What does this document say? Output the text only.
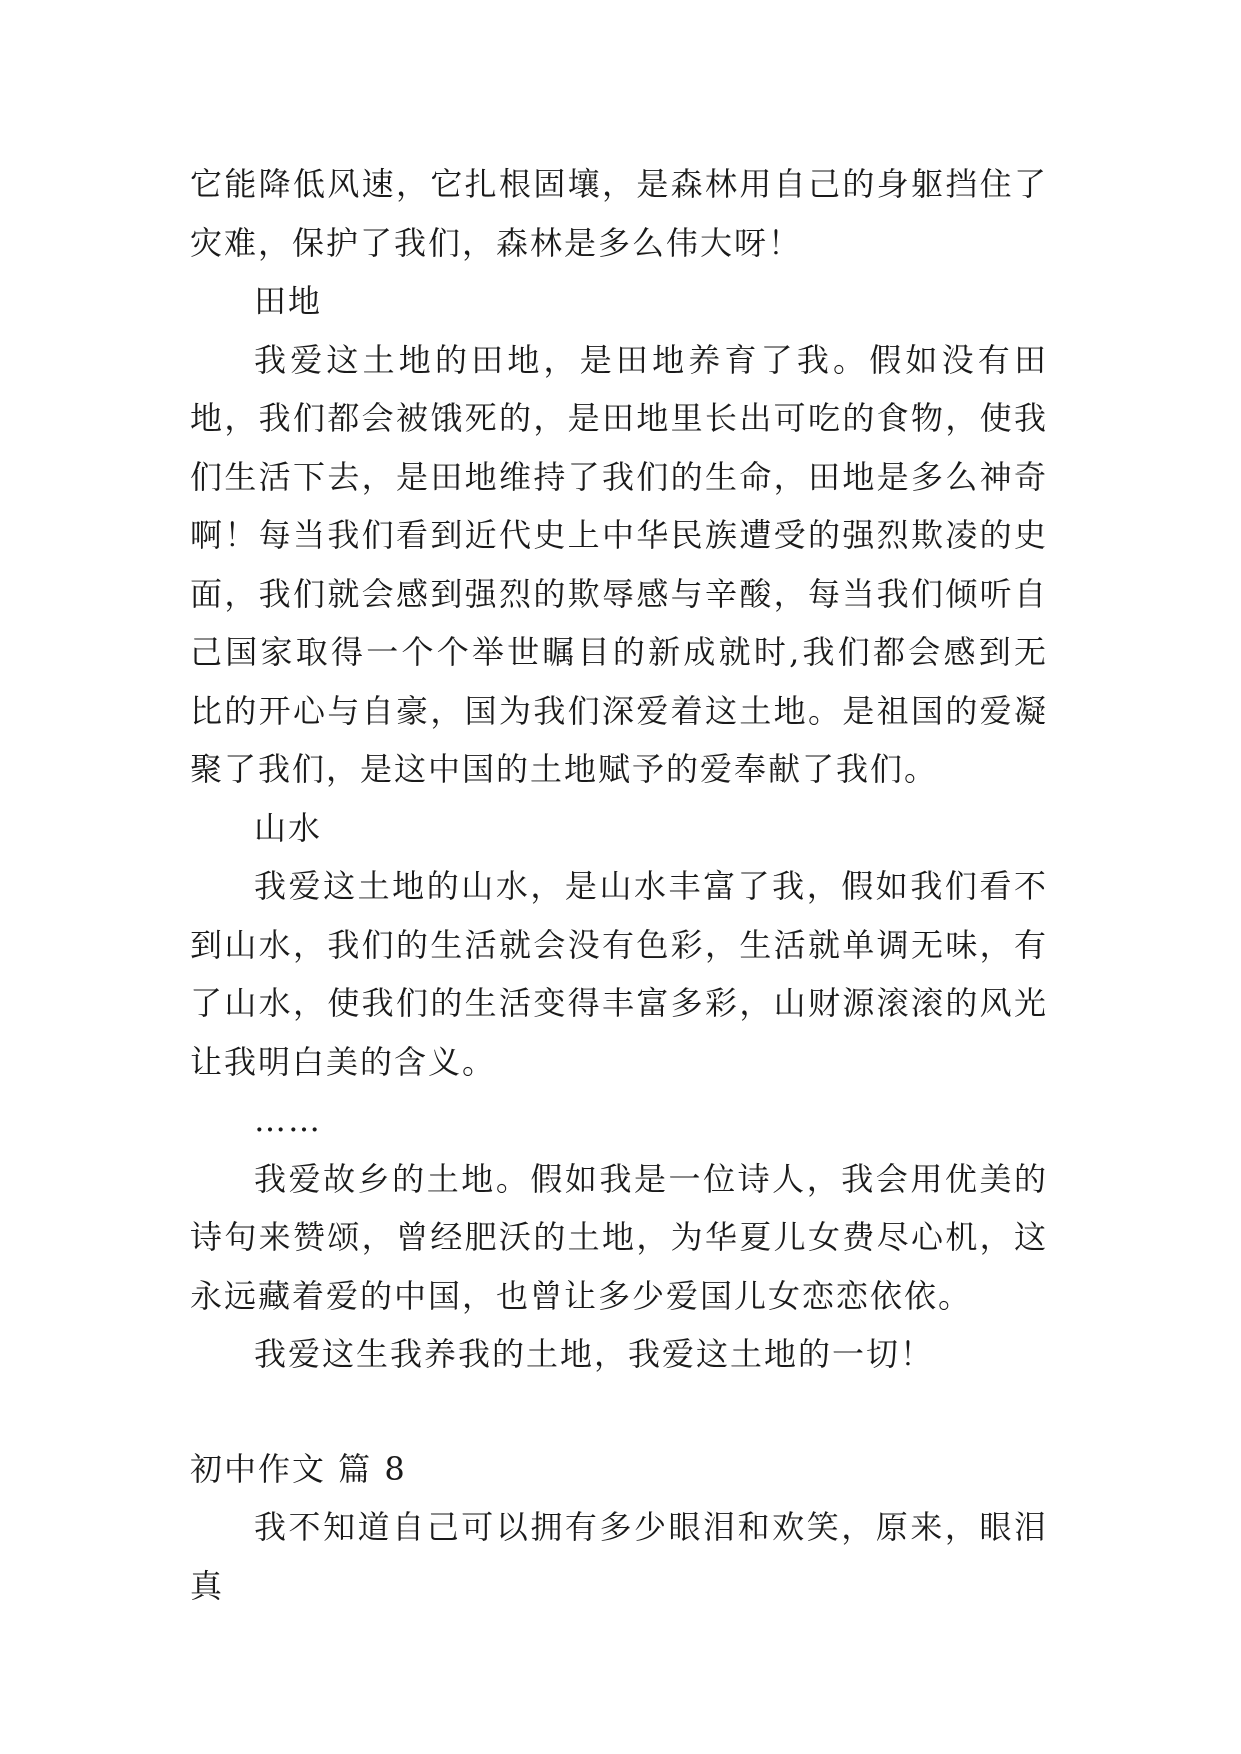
它能降低风速，它扎根固壤，是森林用自己的身躯挡住了灾难，保护了我们，森林是多么伟大呀！

田地

我爱这土地的田地，是田地养育了我。假如没有田地，我们都会被饿死的，是田地里长出可吃的食物，使我们生活下去，是田地维持了我们的生命，田地是多么神奇啊！每当我们看到近代史上中华民族遭受的强烈欺凌的史面，我们就会感到强烈的欺辱感与辛酸，每当我们倾听自己国家取得一个个举世瞩目的新成就时,我们都会感到无比的开心与自豪，国为我们深爱着这土地。是祖国的爱凝聚了我们，是这中国的土地赋予的爱奉献了我们。

山水

我爱这土地的山水，是山水丰富了我，假如我们看不到山水，我们的生活就会没有色彩，生活就单调无味，有了山水，使我们的生活变得丰富多彩，山财源滚滚的风光让我明白美的含义。

……

我爱故乡的土地。假如我是一位诗人，我会用优美的诗句来赞颂，曾经肥沃的土地，为华夏儿女费尽心机，这永远藏着爱的中国，也曾让多少爱国儿女恋恋依依。

我爱这生我养我的土地，我爱这土地的一切！

初中作文 篇 8

我不知道自己可以拥有多少眼泪和欢笑，原来，眼泪真
